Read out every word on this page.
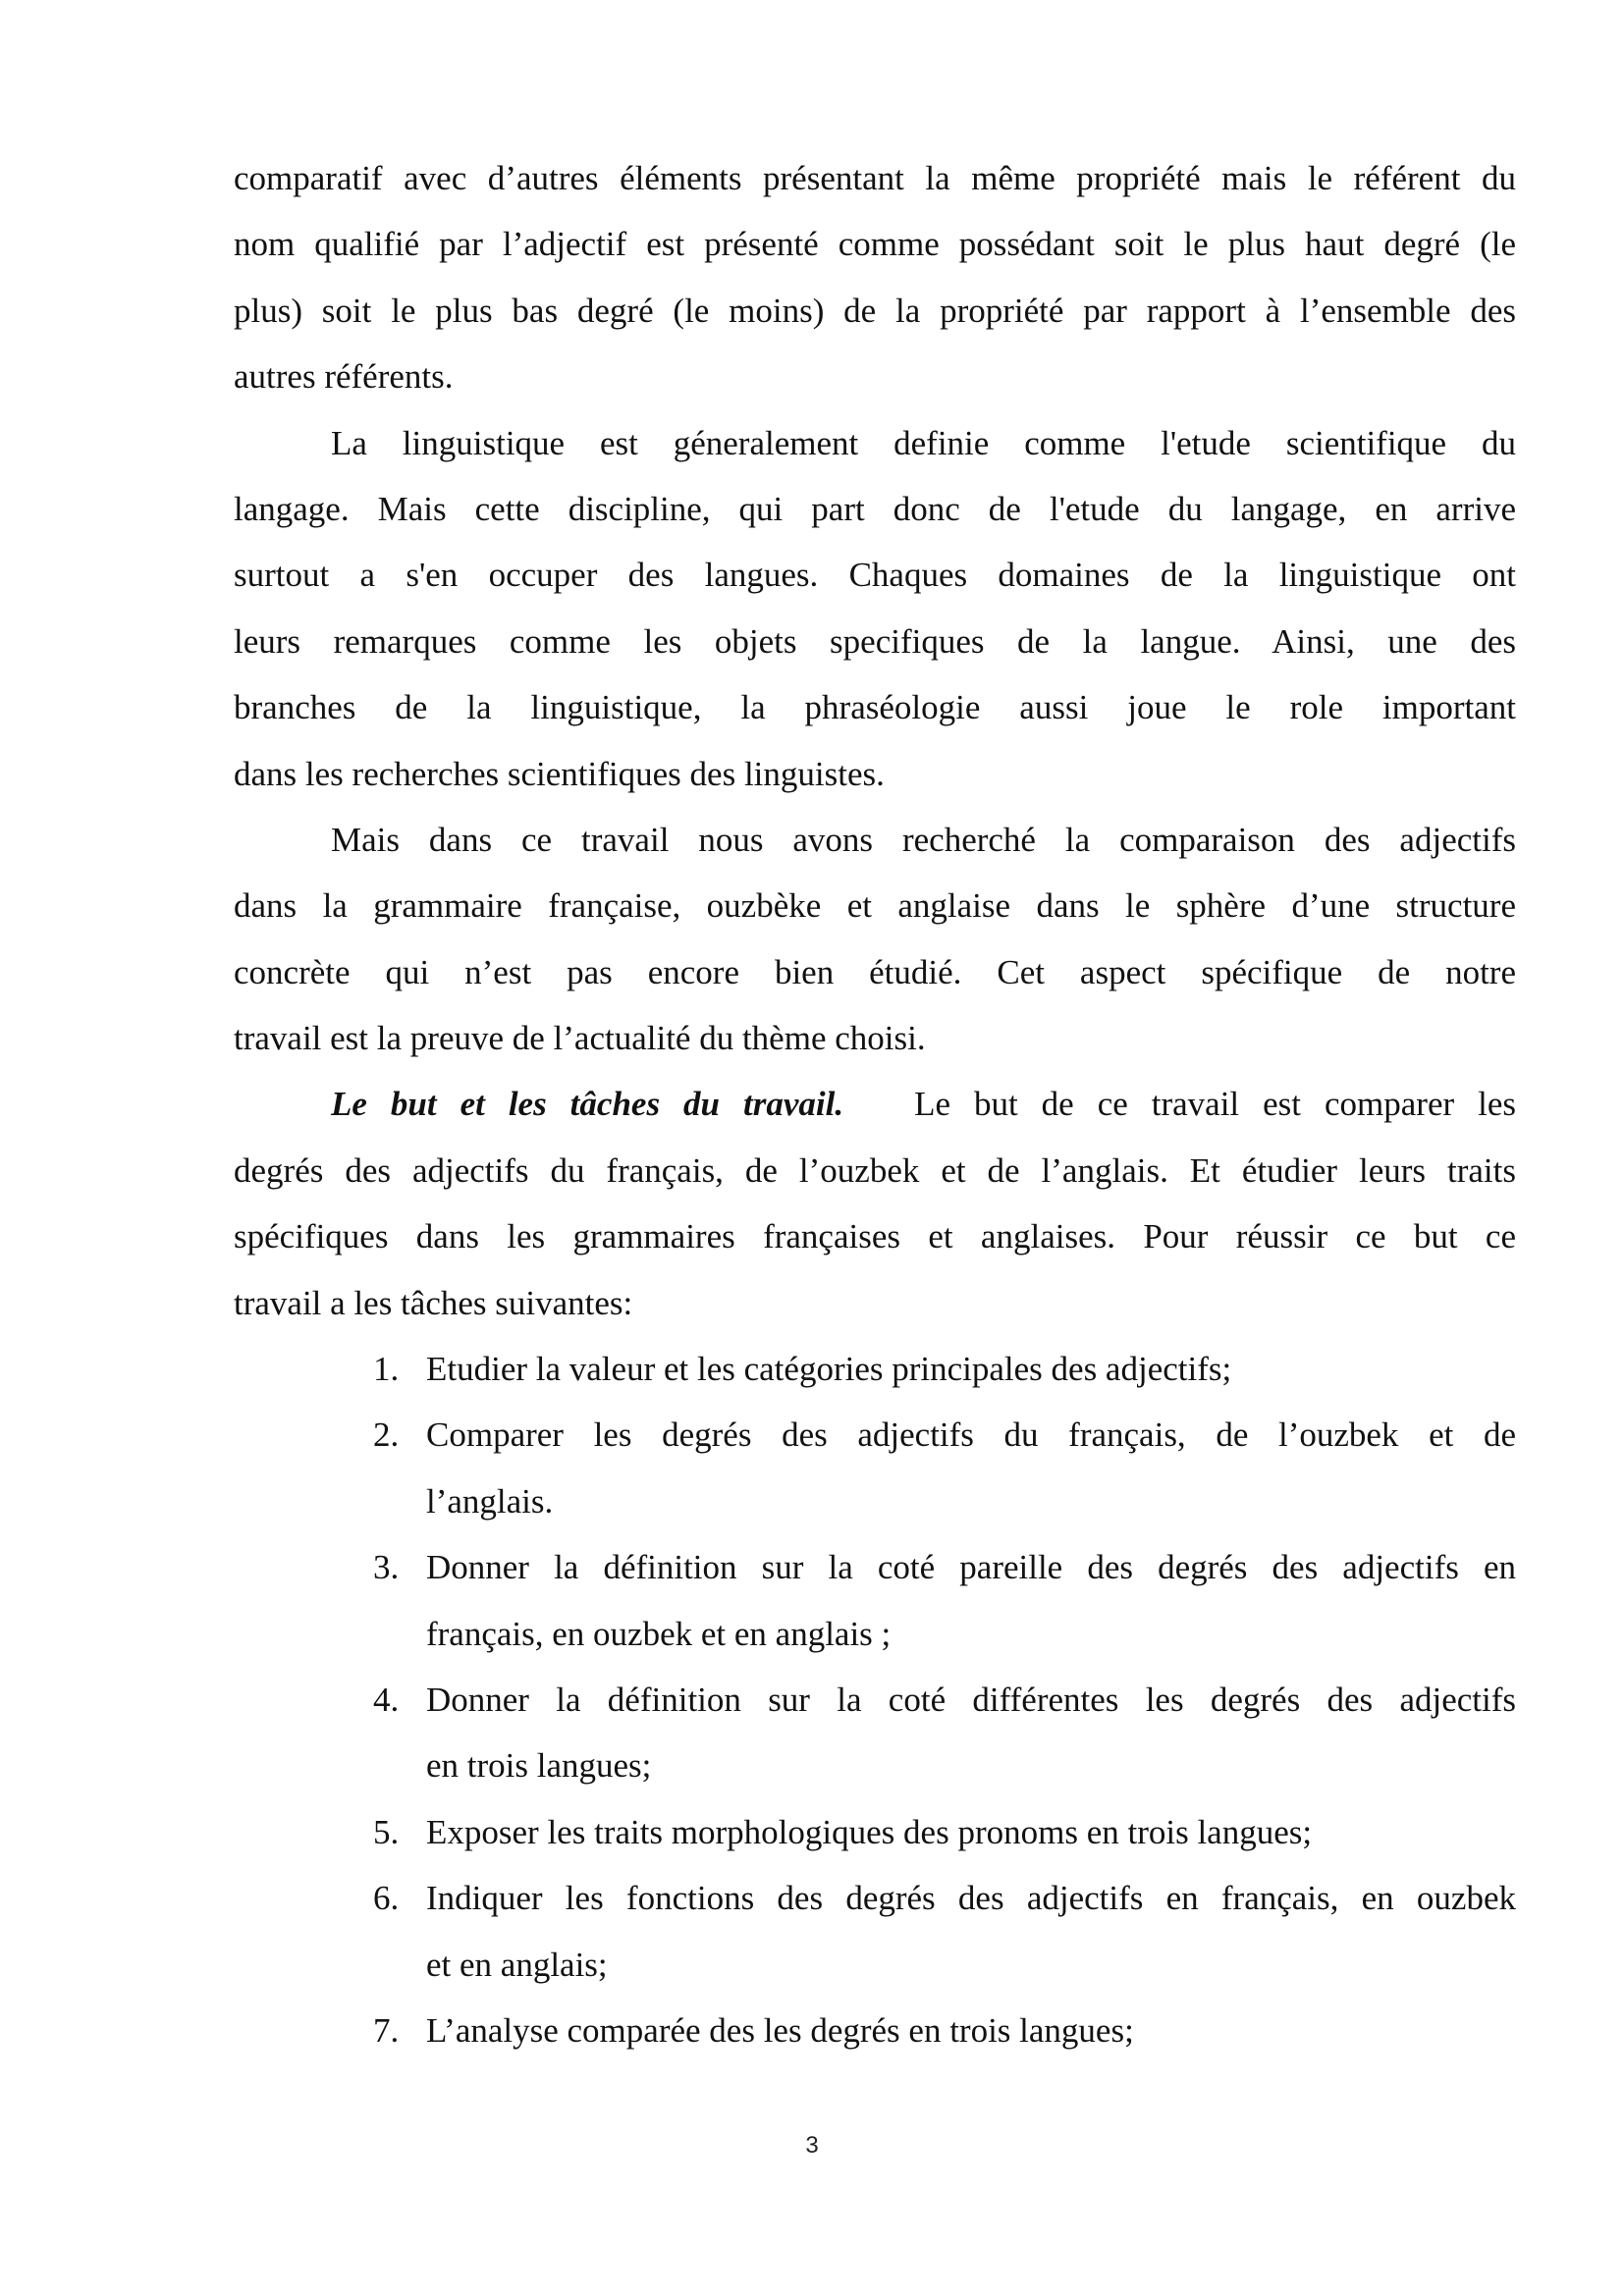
comparatif avec d’autres éléments présentant la même propriété mais le référent du
nom qualifié par l’adjectif est présenté comme possédant soit le plus haut degré (le
plus) soit le plus bas degré (le moins) de la propriété par rapport à l’ensemble des
autres référents.
La linguistique est géneralement definie comme l'etude scientifique du
langage. Mais cette discipline, qui part donc de l'etude du langage, en arrive
surtout a s'en occuper des langues. Chaques domaines de la linguistique ont
leurs remarques comme les objets specifiques de la langue. Ainsi, une des
branches de la linguistique, la phraséologie aussi joue le role important
dans les recherches scientifiques des linguistes.
Mais dans ce travail nous avons recherché la comparaison des adjectifs
dans la grammaire française, ouzbèke et anglaise dans le sphère d’une structure
concrète qui n’est pas encore bien étudié. Cet aspect spécifique de notre
travail est la preuve de l’actualité du thème choisi.
Le but et les tâches du travail. Le but de ce travail est comparer les
degrés des adjectifs du français, de l’ouzbek et de l’anglais. Et étudier leurs traits
spécifiques dans les grammaires françaises et anglaises. Pour réussir ce but ce
travail a les tâches suivantes:
1. Etudier la valeur et les catégories principales des adjectifs;
2. Comparer les degrés des adjectifs du français, de l’ouzbek et de
l’anglais.
3. Donner la définition sur la coté pareille des degrés des adjectifs en
français, en ouzbek et en anglais ;
4. Donner la définition sur la coté différentes les degrés des adjectifs
en trois langues;
5. Exposer les traits morphologiques des pronoms en trois langues;
6. Indiquer les fonctions des degrés des adjectifs en français, en ouzbek
et en anglais;
7. L’analyse comparée des les degrés en trois langues;
3
